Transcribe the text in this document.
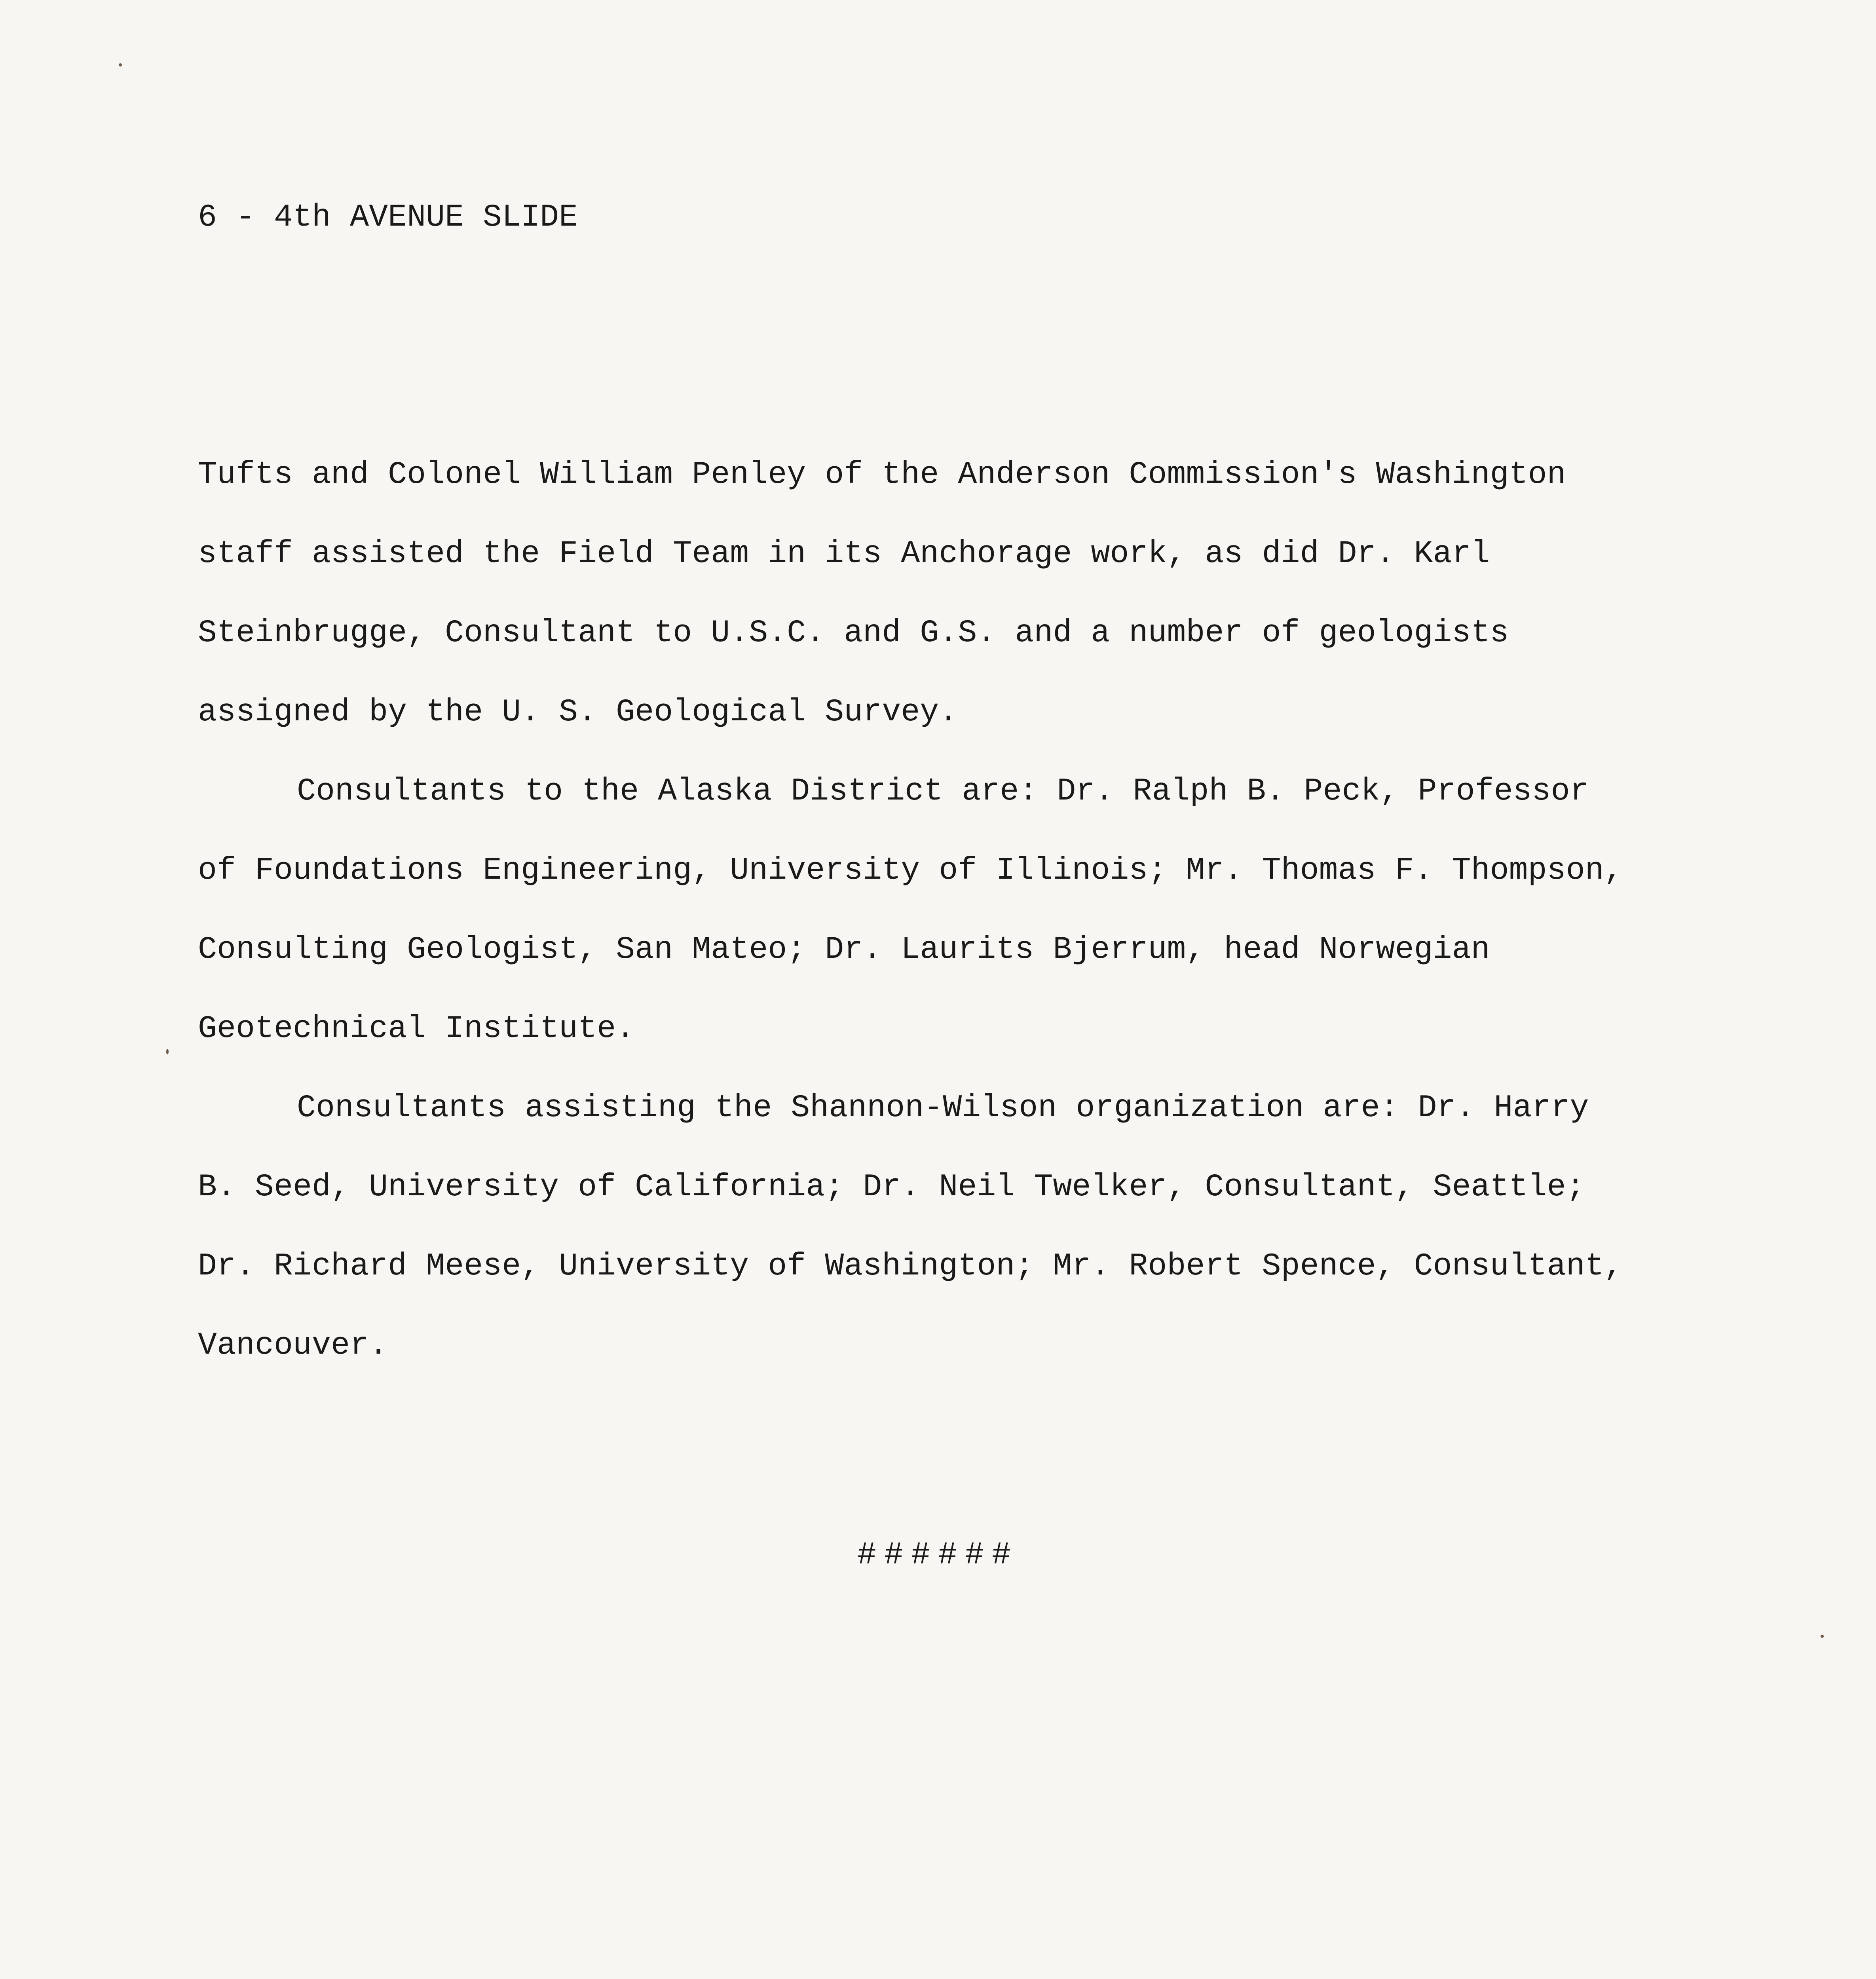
6 - 4th AVENUE SLIDE
Tufts and Colonel William Penley of the Anderson Commission's Washington
staff assisted the Field Team in its Anchorage work, as did Dr. Karl
Steinbrugge, Consultant to U.S.C. and G.S. and a number of geologists
assigned by the U. S. Geological Survey.
Consultants to the Alaska District are: Dr. Ralph B. Peck, Professor
of Foundations Engineering, University of Illinois; Mr. Thomas F. Thompson,
Consulting Geologist, San Mateo; Dr. Laurits Bjerrum, head Norwegian
Geotechnical Institute.
Consultants assisting the Shannon-Wilson organization are: Dr. Harry
B. Seed, University of California; Dr. Neil Twelker, Consultant, Seattle;
Dr. Richard Meese, University of Washington; Mr. Robert Spence, Consultant,
Vancouver.
######
